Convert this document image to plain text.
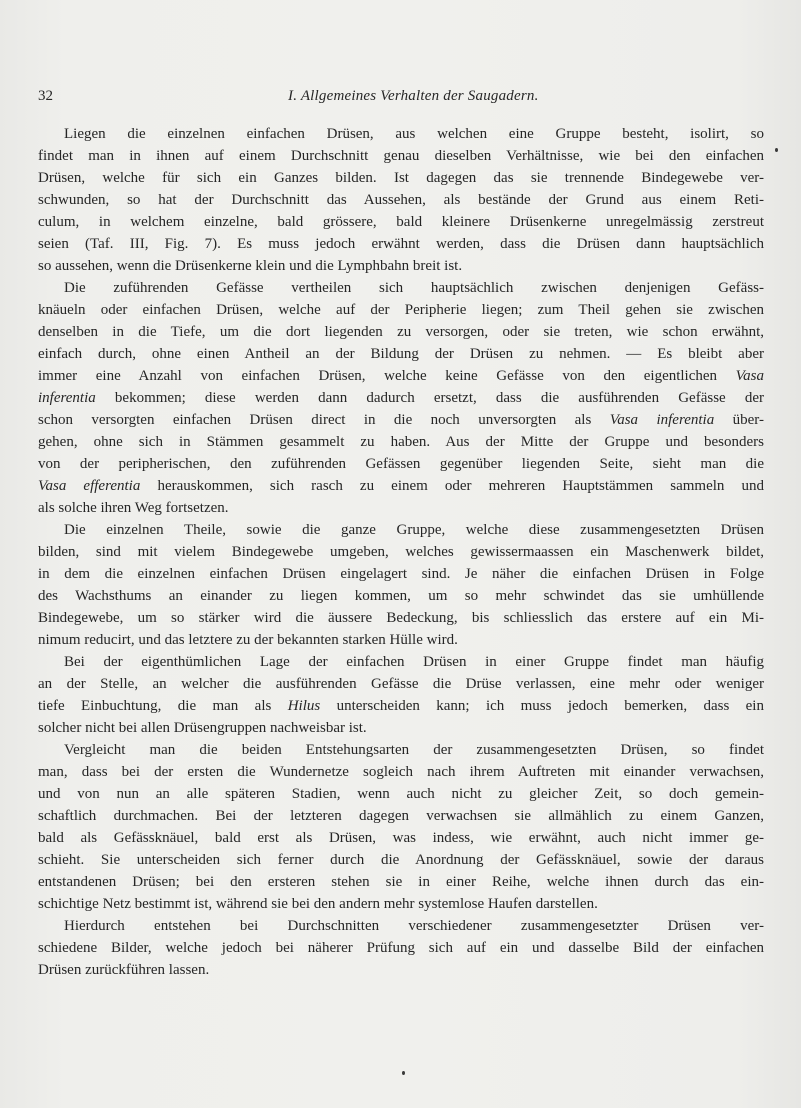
32	I. Allgemeines Verhalten der Saugadern.
Liegen die einzelnen einfachen Drüsen, aus welchen eine Gruppe besteht, isolirt, so
findet man in ihnen auf einem Durchschnitt genau dieselben Verhältnisse, wie bei den einfachen
Drüsen, welche für sich ein Ganzes bilden. Ist dagegen das sie trennende Bindegewebe ver-
schwunden, so hat der Durchschnitt das Aussehen, als bestände der Grund aus einem Reti-
culum, in welchem einzelne, bald grössere, bald kleinere Drüsenkerne unregelmässig zerstreut
seien (Taf. III, Fig. 7). Es muss jedoch erwähnt werden, dass die Drüsen dann hauptsächlich
so aussehen, wenn die Drüsenkerne klein und die Lymphbahn breit ist.
Die zuführenden Gefässe vertheilen sich hauptsächlich zwischen denjenigen Gefäss-
knäueln oder einfachen Drüsen, welche auf der Peripherie liegen; zum Theil gehen sie zwischen
denselben in die Tiefe, um die dort liegenden zu versorgen, oder sie treten, wie schon erwähnt,
einfach durch, ohne einen Antheil an der Bildung der Drüsen zu nehmen. — Es bleibt aber
immer eine Anzahl von einfachen Drüsen, welche keine Gefässe von den eigentlichen Vasa
inferentia bekommen; diese werden dann dadurch ersetzt, dass die ausführenden Gefässe der
schon versorgten einfachen Drüsen direct in die noch unversorgten als Vasa inferentia über-
gehen, ohne sich in Stämmen gesammelt zu haben. Aus der Mitte der Gruppe und besonders
von der peripherischen, den zuführenden Gefässen gegenüber liegenden Seite, sieht man die
Vasa efferentia herauskommen, sich rasch zu einem oder mehreren Hauptstämmen sammeln und
als solche ihren Weg fortsetzen.
Die einzelnen Theile, sowie die ganze Gruppe, welche diese zusammengesetzten Drüsen
bilden, sind mit vielem Bindegewebe umgeben, welches gewissermaassen ein Maschenwerk bildet,
in dem die einzelnen einfachen Drüsen eingelagert sind. Je näher die einfachen Drüsen in Folge
des Wachsthums an einander zu liegen kommen, um so mehr schwindet das sie umhüllende
Bindegewebe, um so stärker wird die äussere Bedeckung, bis schliesslich das erstere auf ein Mi-
nimum reducirt, und das letztere zu der bekannten starken Hülle wird.
Bei der eigenthümlichen Lage der einfachen Drüsen in einer Gruppe findet man häufig
an der Stelle, an welcher die ausführenden Gefässe die Drüse verlassen, eine mehr oder weniger
tiefe Einbuchtung, die man als Hilus unterscheiden kann; ich muss jedoch bemerken, dass ein
solcher nicht bei allen Drüsengruppen nachweisbar ist.
Vergleicht man die beiden Entstehungsarten der zusammengesetzten Drüsen, so findet
man, dass bei der ersten die Wundernetze sogleich nach ihrem Auftreten mit einander verwachsen,
und von nun an alle späteren Stadien, wenn auch nicht zu gleicher Zeit, so doch gemein-
schaftlich durchmachen. Bei der letzteren dagegen verwachsen sie allmählich zu einem Ganzen,
bald als Gefässknäuel, bald erst als Drüsen, was indess, wie erwähnt, auch nicht immer ge-
schieht. Sie unterscheiden sich ferner durch die Anordnung der Gefässknäuel, sowie der daraus
entstandenen Drüsen; bei den ersteren stehen sie in einer Reihe, welche ihnen durch das ein-
schichtige Netz bestimmt ist, während sie bei den andern mehr systemlose Haufen darstellen.
Hierdurch entstehen bei Durchschnitten verschiedener zusammengesetzter Drüsen ver-
schiedene Bilder, welche jedoch bei näherer Prüfung sich auf ein und dasselbe Bild der einfachen
Drüsen zurückführen lassen.
